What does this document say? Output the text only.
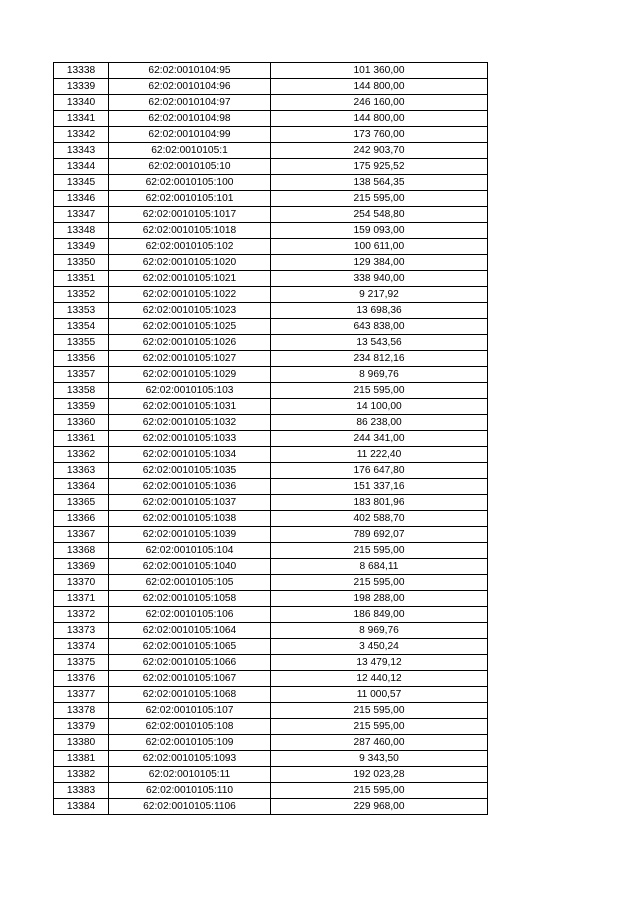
13338	62:02:0010104:95	101 360,00
13339	62:02:0010104:96	144 800,00
13340	62:02:0010104:97	246 160,00
13341	62:02:0010104:98	144 800,00
13342	62:02:0010104:99	173 760,00
13343	62:02:0010105:1	242 903,70
13344	62:02:0010105:10	175 925,52
13345	62:02:0010105:100	138 564,35
13346	62:02:0010105:101	215 595,00
13347	62:02:0010105:1017	254 548,80
13348	62:02:0010105:1018	159 093,00
13349	62:02:0010105:102	100 611,00
13350	62:02:0010105:1020	129 384,00
13351	62:02:0010105:1021	338 940,00
13352	62:02:0010105:1022	9 217,92
13353	62:02:0010105:1023	13 698,36
13354	62:02:0010105:1025	643 838,00
13355	62:02:0010105:1026	13 543,56
13356	62:02:0010105:1027	234 812,16
13357	62:02:0010105:1029	8 969,76
13358	62:02:0010105:103	215 595,00
13359	62:02:0010105:1031	14 100,00
13360	62:02:0010105:1032	86 238,00
13361	62:02:0010105:1033	244 341,00
13362	62:02:0010105:1034	11 222,40
13363	62:02:0010105:1035	176 647,80
13364	62:02:0010105:1036	151 337,16
13365	62:02:0010105:1037	183 801,96
13366	62:02:0010105:1038	402 588,70
13367	62:02:0010105:1039	789 692,07
13368	62:02:0010105:104	215 595,00
13369	62:02:0010105:1040	8 684,11
13370	62:02:0010105:105	215 595,00
13371	62:02:0010105:1058	198 288,00
13372	62:02:0010105:106	186 849,00
13373	62:02:0010105:1064	8 969,76
13374	62:02:0010105:1065	3 450,24
13375	62:02:0010105:1066	13 479,12
13376	62:02:0010105:1067	12 440,12
13377	62:02:0010105:1068	11 000,57
13378	62:02:0010105:107	215 595,00
13379	62:02:0010105:108	215 595,00
13380	62:02:0010105:109	287 460,00
13381	62:02:0010105:1093	9 343,50
13382	62:02:0010105:11	192 023,28
13383	62:02:0010105:110	215 595,00
13384	62:02:0010105:1106	229 968,00
